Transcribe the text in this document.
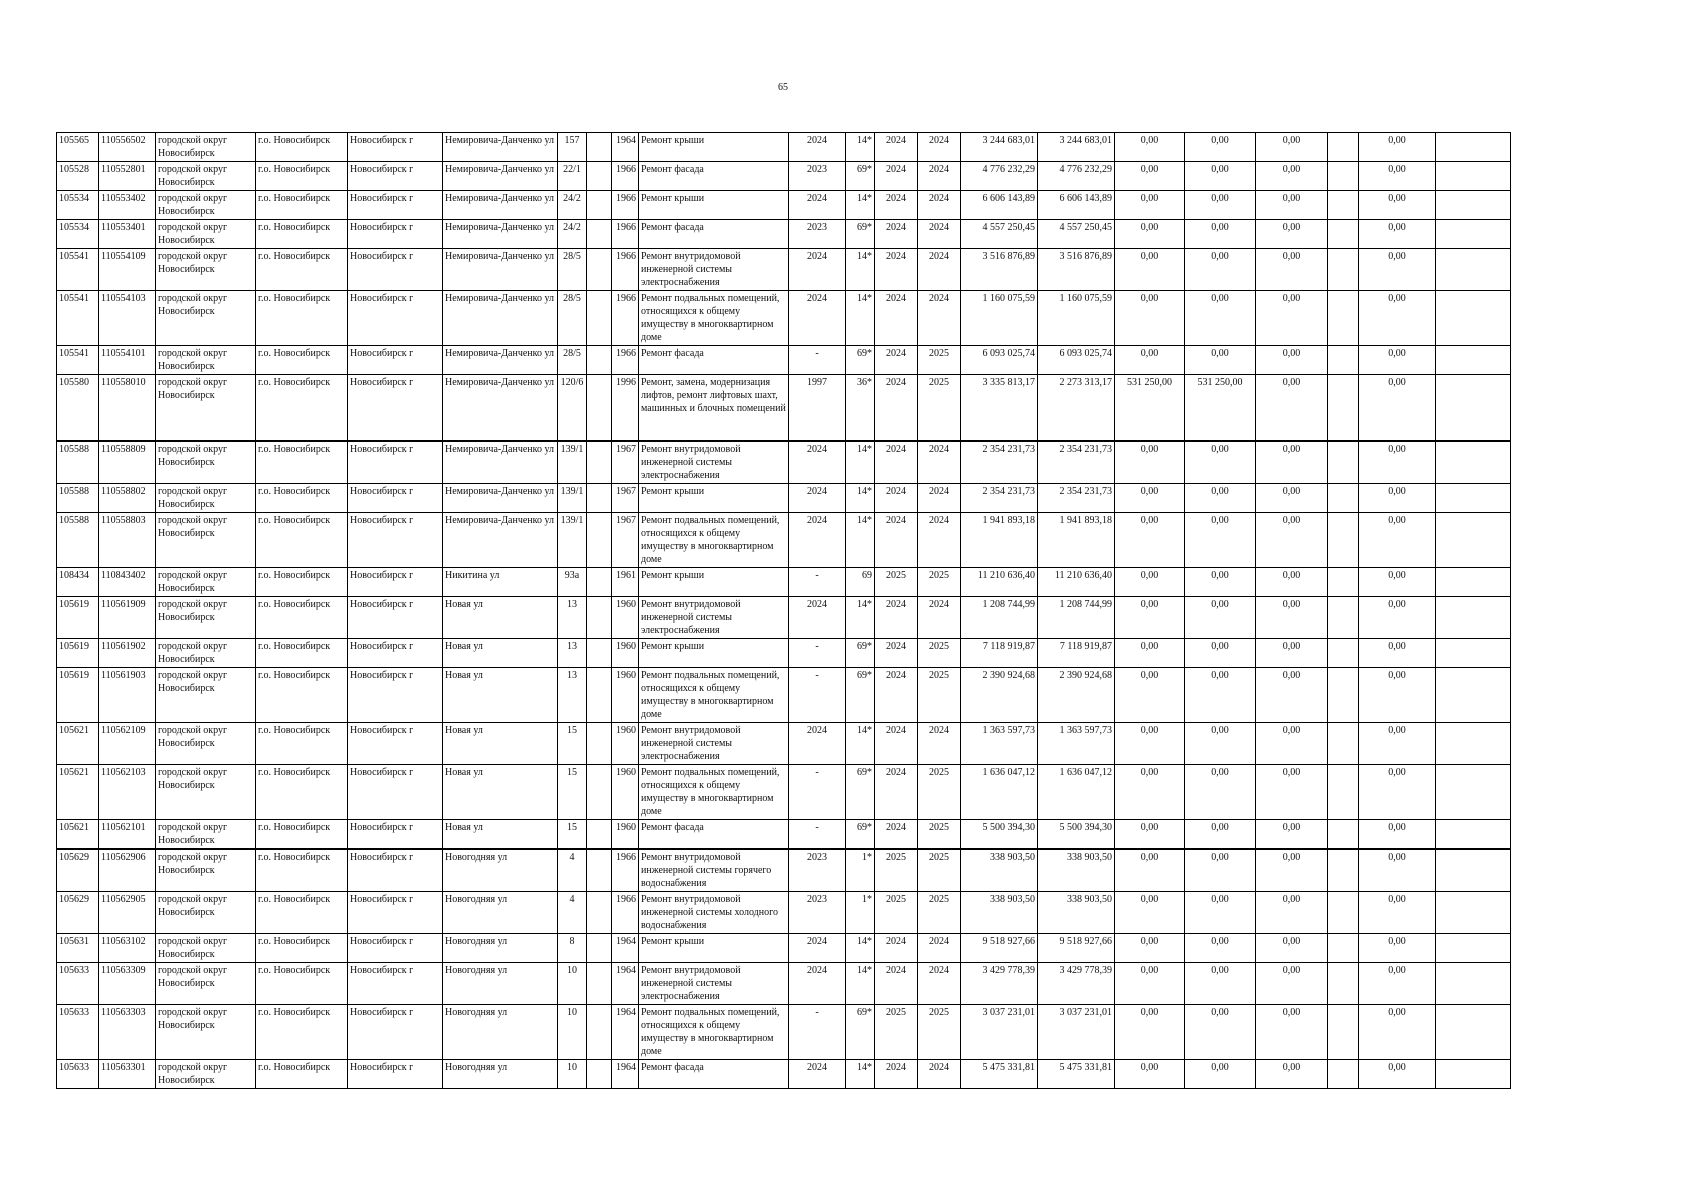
65
105565	110556502	городской округ Новосибирск	г.о. Новосибирск	Новосибирск г	Немировича-Данченко ул	157		1964	Ремонт крыши	2024	14*	2024	2024	3 244 683,01	3 244 683,01	0,00	0,00	0,00		0,00	
105528	110552801	городской округ Новосибирск	г.о. Новосибирск	Новосибирск г	Немировича-Данченко ул	22/1		1966	Ремонт фасада	2023	69*	2024	2024	4 776 232,29	4 776 232,29	0,00	0,00	0,00		0,00	
105534	110553402	городской округ Новосибирск	г.о. Новосибирск	Новосибирск г	Немировича-Данченко ул	24/2		1966	Ремонт крыши	2024	14*	2024	2024	6 606 143,89	6 606 143,89	0,00	0,00	0,00		0,00	
105534	110553401	городской округ Новосибирск	г.о. Новосибирск	Новосибирск г	Немировича-Данченко ул	24/2		1966	Ремонт фасада	2023	69*	2024	2024	4 557 250,45	4 557 250,45	0,00	0,00	0,00		0,00	
105541	110554109	городской округ Новосибирск	г.о. Новосибирск	Новосибирск г	Немировича-Данченко ул	28/5		1966	Ремонт внутридомовой инженерной системы электроснабжения	2024	14*	2024	2024	3 516 876,89	3 516 876,89	0,00	0,00	0,00		0,00	
105541	110554103	городской округ Новосибирск	г.о. Новосибирск	Новосибирск г	Немировича-Данченко ул	28/5		1966	Ремонт подвальных помещений, относящихся к общему имуществу в многоквартирном доме	2024	14*	2024	2024	1 160 075,59	1 160 075,59	0,00	0,00	0,00		0,00	
105541	110554101	городской округ Новосибирск	г.о. Новосибирск	Новосибирск г	Немировича-Данченко ул	28/5		1966	Ремонт фасада	-	69*	2024	2025	6 093 025,74	6 093 025,74	0,00	0,00	0,00		0,00	
105580	110558010	городской округ Новосибирск	г.о. Новосибирск	Новосибирск г	Немировича-Данченко ул	120/6		1996	Ремонт, замена, модернизация лифтов, ремонт лифтовых шахт, машинных и блочных помещений	1997	36*	2024	2025	3 335 813,17	2 273 313,17	531 250,00	531 250,00	0,00		0,00	
105588	110558809	городской округ Новосибирск	г.о. Новосибирск	Новосибирск г	Немировича-Данченко ул	139/1		1967	Ремонт внутридомовой инженерной системы электроснабжения	2024	14*	2024	2024	2 354 231,73	2 354 231,73	0,00	0,00	0,00		0,00	
105588	110558802	городской округ Новосибирск	г.о. Новосибирск	Новосибирск г	Немировича-Данченко ул	139/1		1967	Ремонт крыши	2024	14*	2024	2024	2 354 231,73	2 354 231,73	0,00	0,00	0,00		0,00	
105588	110558803	городской округ Новосибирск	г.о. Новосибирск	Новосибирск г	Немировича-Данченко ул	139/1		1967	Ремонт подвальных помещений, относящихся к общему имуществу в многоквартирном доме	2024	14*	2024	2024	1 941 893,18	1 941 893,18	0,00	0,00	0,00		0,00	
108434	110843402	городской округ Новосибирск	г.о. Новосибирск	Новосибирск г	Никитина ул	93а		1961	Ремонт крыши	-	69	2025	2025	11 210 636,40	11 210 636,40	0,00	0,00	0,00		0,00	
105619	110561909	городской округ Новосибирск	г.о. Новосибирск	Новосибирск г	Новая ул	13		1960	Ремонт внутридомовой инженерной системы электроснабжения	2024	14*	2024	2024	1 208 744,99	1 208 744,99	0,00	0,00	0,00		0,00	
105619	110561902	городской округ Новосибирск	г.о. Новосибирск	Новосибирск г	Новая ул	13		1960	Ремонт крыши	-	69*	2024	2025	7 118 919,87	7 118 919,87	0,00	0,00	0,00		0,00	
105619	110561903	городской округ Новосибирск	г.о. Новосибирск	Новосибирск г	Новая ул	13		1960	Ремонт подвальных помещений, относящихся к общему имуществу в многоквартирном доме	-	69*	2024	2025	2 390 924,68	2 390 924,68	0,00	0,00	0,00		0,00	
105621	110562109	городской округ Новосибирск	г.о. Новосибирск	Новосибирск г	Новая ул	15		1960	Ремонт внутридомовой инженерной системы электроснабжения	2024	14*	2024	2024	1 363 597,73	1 363 597,73	0,00	0,00	0,00		0,00	
105621	110562103	городской округ Новосибирск	г.о. Новосибирск	Новосибирск г	Новая ул	15		1960	Ремонт подвальных помещений, относящихся к общему имуществу в многоквартирном доме	-	69*	2024	2025	1 636 047,12	1 636 047,12	0,00	0,00	0,00		0,00	
105621	110562101	городской округ Новосибирск	г.о. Новосибирск	Новосибирск г	Новая ул	15		1960	Ремонт фасада	-	69*	2024	2025	5 500 394,30	5 500 394,30	0,00	0,00	0,00		0,00	
105629	110562906	городской округ Новосибирск	г.о. Новосибирск	Новосибирск г	Новогодняя ул	4		1966	Ремонт внутридомовой инженерной системы горячего водоснабжения	2023	1*	2025	2025	338 903,50	338 903,50	0,00	0,00	0,00		0,00	
105629	110562905	городской округ Новосибирск	г.о. Новосибирск	Новосибирск г	Новогодняя ул	4		1966	Ремонт внутридомовой инженерной системы холодного водоснабжения	2023	1*	2025	2025	338 903,50	338 903,50	0,00	0,00	0,00		0,00	
105631	110563102	городской округ Новосибирск	г.о. Новосибирск	Новосибирск г	Новогодняя ул	8		1964	Ремонт крыши	2024	14*	2024	2024	9 518 927,66	9 518 927,66	0,00	0,00	0,00		0,00	
105633	110563309	городской округ Новосибирск	г.о. Новосибирск	Новосибирск г	Новогодняя ул	10		1964	Ремонт внутридомовой инженерной системы электроснабжения	2024	14*	2024	2024	3 429 778,39	3 429 778,39	0,00	0,00	0,00		0,00	
105633	110563303	городской округ Новосибирск	г.о. Новосибирск	Новосибирск г	Новогодняя ул	10		1964	Ремонт подвальных помещений, относящихся к общему имуществу в многоквартирном доме	-	69*	2025	2025	3 037 231,01	3 037 231,01	0,00	0,00	0,00		0,00	
105633	110563301	городской округ Новосибирск	г.о. Новосибирск	Новосибирск г	Новогодняя ул	10		1964	Ремонт фасада	2024	14*	2024	2024	5 475 331,81	5 475 331,81	0,00	0,00	0,00		0,00	
